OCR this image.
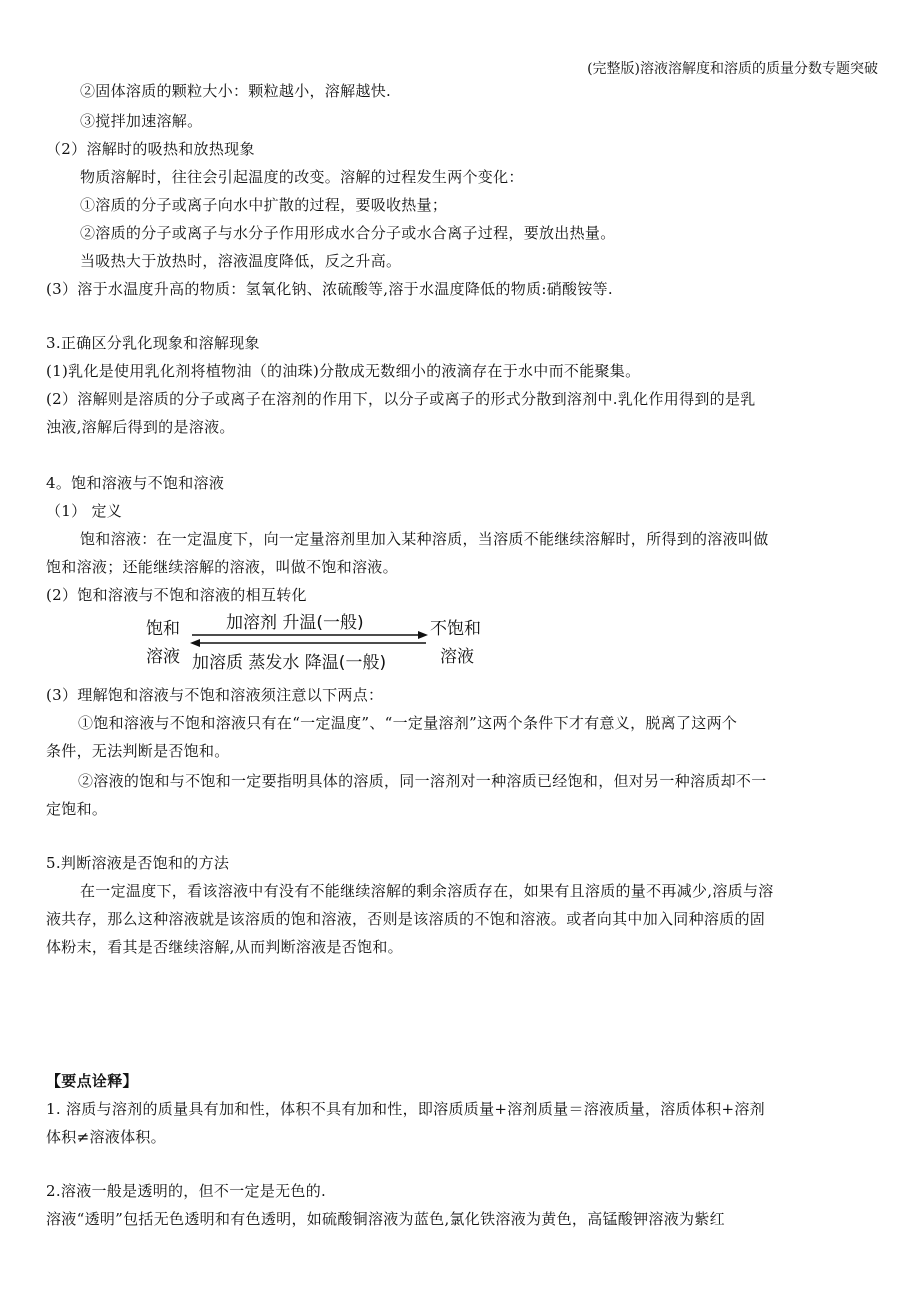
(完整版)溶液溶解度和溶质的质量分数专题突破
②固体溶质的颗粒大小：颗粒越小，溶解越快.
③搅拌加速溶解。
（2）溶解时的吸热和放热现象
物质溶解时，往往会引起温度的改变。溶解的过程发生两个变化：
①溶质的分子或离子向水中扩散的过程，要吸收热量；
②溶质的分子或离子与水分子作用形成水合分子或水合离子过程，要放出热量。
当吸热大于放热时，溶液温度降低，反之升高。
(3）溶于水温度升高的物质：氢氧化钠、浓硫酸等,溶于水温度降低的物质:硝酸铵等.
3.正确区分乳化现象和溶解现象
(1)乳化是使用乳化剂将植物油（的油珠)分散成无数细小的液滴存在于水中而不能聚集。
(2）溶解则是溶质的分子或离子在溶剂的作用下，以分子或离子的形式分散到溶剂中.乳化作用得到的是乳
浊液,溶解后得到的是溶液。
4。饱和溶液与不饱和溶液
（1） 定义
饱和溶液：在一定温度下，向一定量溶剂里加入某种溶质，当溶质不能继续溶解时，所得到的溶液叫做
饱和溶液；还能继续溶解的溶液，叫做不饱和溶液。
(2）饱和溶液与不饱和溶液的相互转化
饱和
溶液
加溶剂 升温(一般)
加溶质 蒸发水 降温(一般)
不饱和
溶液
(3）理解饱和溶液与不饱和溶液须注意以下两点：
①饱和溶液与不饱和溶液只有在“一定温度”、“一定量溶剂”这两个条件下才有意义，脱离了这两个
条件，无法判断是否饱和。
②溶液的饱和与不饱和一定要指明具体的溶质，同一溶剂对一种溶质已经饱和，但对另一种溶质却不一
定饱和。
5.判断溶液是否饱和的方法
在一定温度下，看该溶液中有没有不能继续溶解的剩余溶质存在，如果有且溶质的量不再减少,溶质与溶
液共存，那么这种溶液就是该溶质的饱和溶液，否则是该溶质的不饱和溶液。或者向其中加入同种溶质的固
体粉末，看其是否继续溶解,从而判断溶液是否饱和。
【要点诠释】
1. 溶质与溶剂的质量具有加和性，体积不具有加和性，即溶质质量+溶剂质量＝溶液质量，溶质体积+溶剂
体积≠溶液体积。
2.溶液一般是透明的，但不一定是无色的.
溶液“透明”包括无色透明和有色透明，如硫酸铜溶液为蓝色,氯化铁溶液为黄色，高锰酸钾溶液为紫红
